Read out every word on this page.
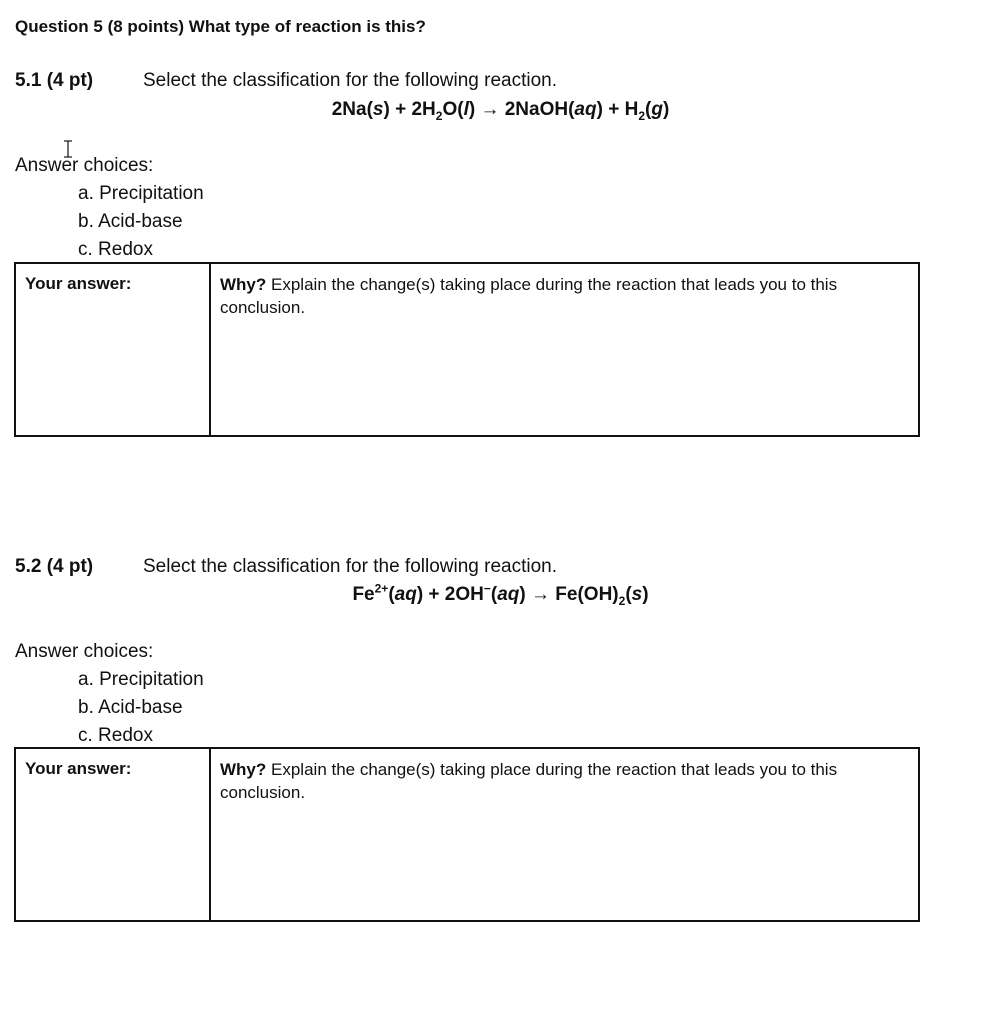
Question 5 (8 points) What type of reaction is this?
5.1 (4 pt)	Select the classification for the following reaction.
$2Na(s) + 2H_2O(l)$ → 2NaOH(aq) + $H_2(g)$
Answer choices:
a. Precipitation
b. Acid-base
c. Redox
Your answer:	Why? Explain the change(s) taking place during the reaction that leads you to this conclusion.
5.2 (4 pt)	Select the classification for the following reaction.
$Fe^{2+}(aq) + 2OH^-(aq) \to Fe(OH)_2(s)$
Answer choices:
a. Precipitation
b. Acid-base
c. Redox
Your answer:	Why? Explain the change(s) taking place during the reaction that leads you to this conclusion.
